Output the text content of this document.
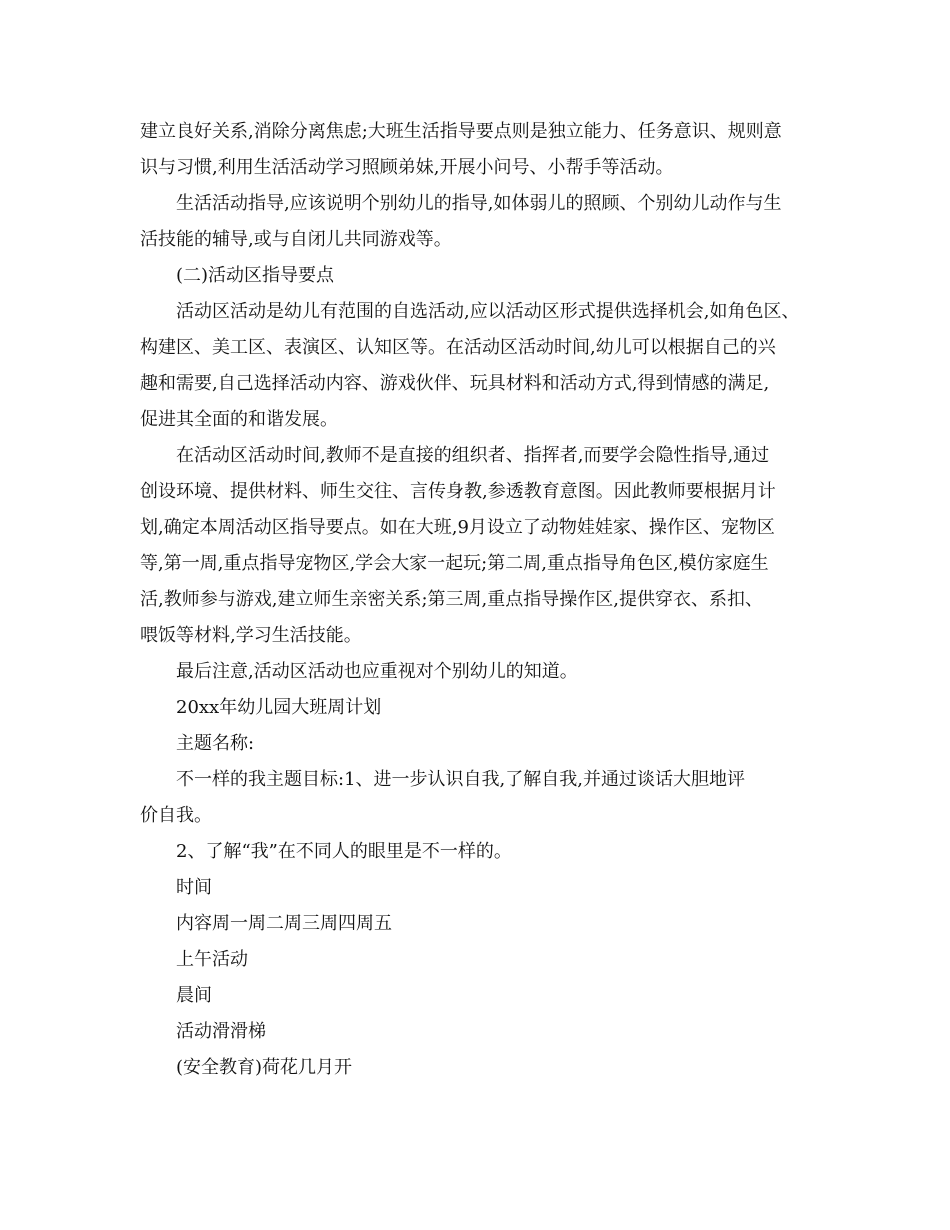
建立良好关系,消除分离焦虑;大班生活指导要点则是独立能力、任务意识、规则意
识与习惯,利用生活活动学习照顾弟妹,开展小问号、小帮手等活动。
生活活动指导,应该说明个别幼儿的指导,如体弱儿的照顾、个别幼儿动作与生
活技能的辅导,或与自闭儿共同游戏等。
(二)活动区指导要点
活动区活动是幼儿有范围的自选活动,应以活动区形式提供选择机会,如角色区、
构建区、美工区、表演区、认知区等。在活动区活动时间,幼儿可以根据自己的兴
趣和需要,自己选择活动内容、游戏伙伴、玩具材料和活动方式,得到情感的满足,
促进其全面的和谐发展。
在活动区活动时间,教师不是直接的组织者、指挥者,而要学会隐性指导,通过
创设环境、提供材料、师生交往、言传身教,参透教育意图。因此教师要根据月计
划,确定本周活动区指导要点。如在大班,9月设立了动物娃娃家、操作区、宠物区
等,第一周,重点指导宠物区,学会大家一起玩;第二周,重点指导角色区,模仿家庭生
活,教师参与游戏,建立师生亲密关系;第三周,重点指导操作区,提供穿衣、系扣、
喂饭等材料,学习生活技能。
最后注意,活动区活动也应重视对个别幼儿的知道。
20xx年幼儿园大班周计划
主题名称:
不一样的我主题目标:1、进一步认识自我,了解自我,并通过谈话大胆地评
价自我。
2、了解“我”在不同人的眼里是不一样的。
时间
内容周一周二周三周四周五
上午活动
晨间
活动滑滑梯
(安全教育)荷花几月开
